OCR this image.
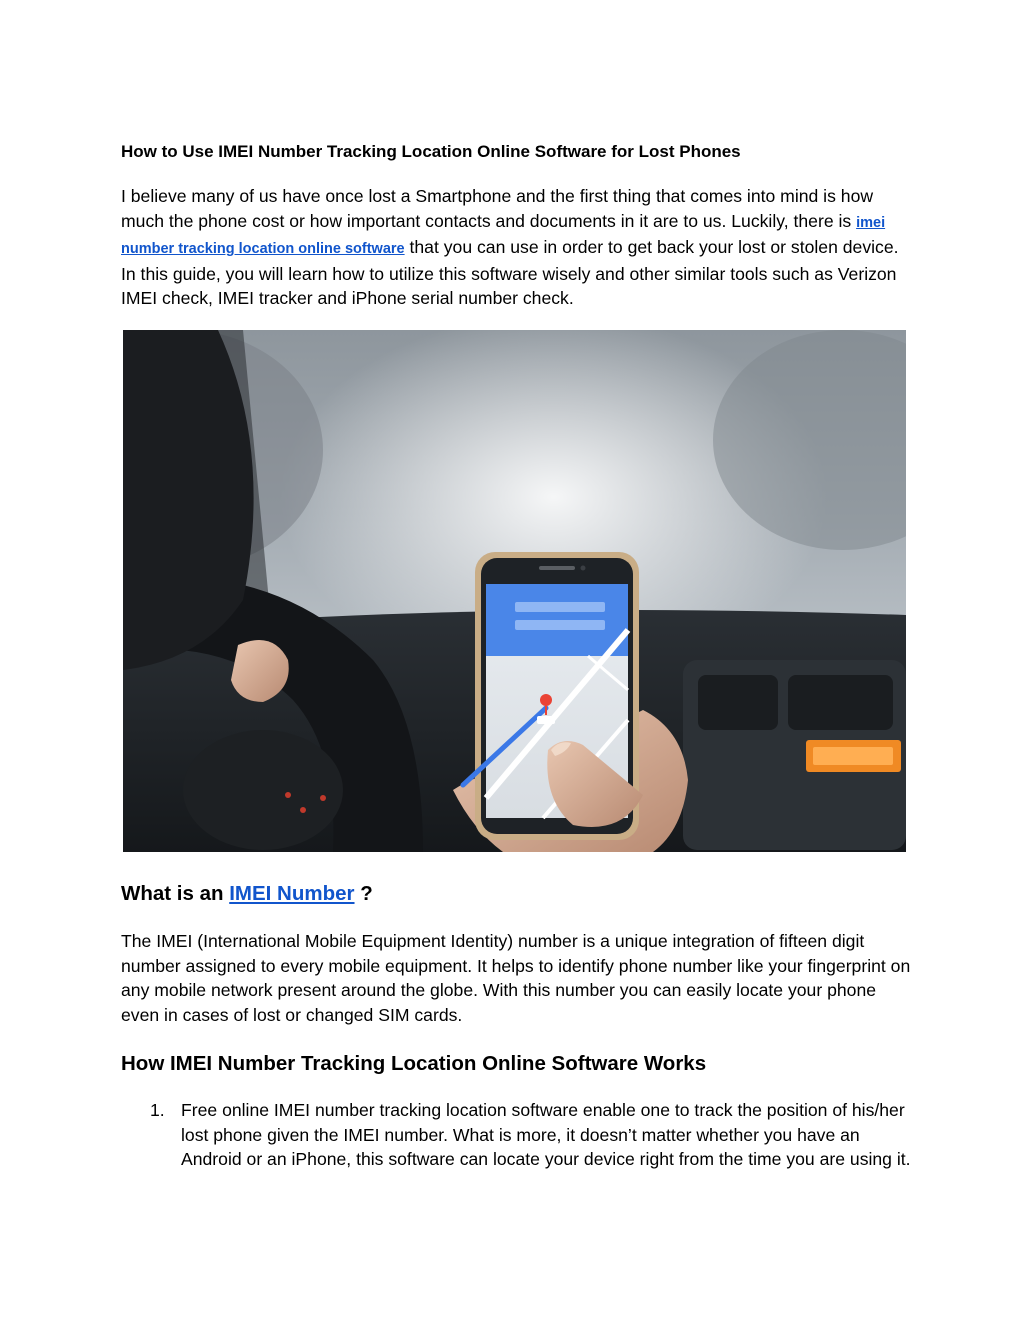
How to Use IMEI Number Tracking Location Online Software for Lost Phones

I believe many of us have once lost a Smartphone and the first thing that comes into mind is how much the phone cost or how important contacts and documents in it are to us. Luckily, there is imei number tracking location online software that you can use in order to get back your lost or stolen device. In this guide, you will learn how to utilize this software wisely and other similar tools such as Verizon IMEI check, IMEI tracker and iPhone serial number check.

What is an IMEI Number ?

The IMEI (International Mobile Equipment Identity) number is a unique integration of fifteen digit number assigned to every mobile equipment. It helps to identify phone number like your fingerprint on any mobile network present around the globe. With this number you can easily locate your phone even in cases of lost or changed SIM cards.

How IMEI Number Tracking Location Online Software Works
1. Free online IMEI number tracking location software enable one to track the position of his/her lost phone given the IMEI number. What is more, it doesn’t matter whether you have an Android or an iPhone, this software can locate your device right from the time you are using it.
